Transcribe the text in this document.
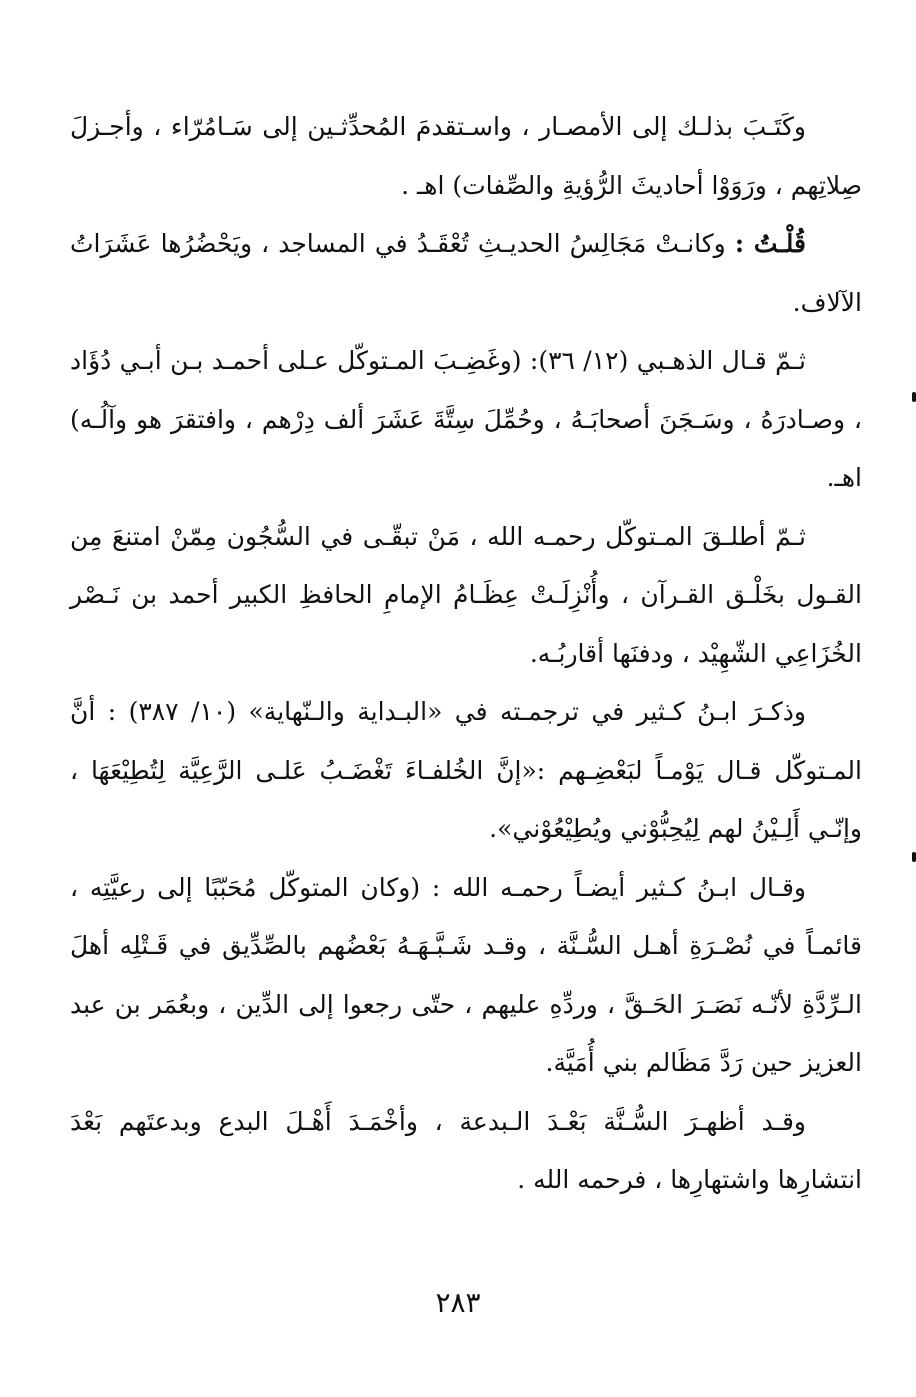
وكَتَـبَ بذلـك إلى الأمصـار ، واسـتقدمَ المُحدِّثـين إلى سَـامُرّاء ، وأجـزلَ صِلاتِهم ، ورَوَوْا أحاديثَ الرُّؤيةِ والصِّفات) اهـ .

قُلْـتُ : وكانـتْ مَجَالِسُ الحديـثِ تُعْقَـدُ في المساجد ، ويَحْضُرُها عَشَرَاتُ الآلاف.

ثـمّ قـال الذهـبي (١٢/ ٣٦): (وغَضِـبَ المـتوكّل عـلى أحمـد بـن أبـي دُؤَاد ، وصـادرَهُ ، وسَـجَنَ أصحابَـهُ ، وحُمِّلَ سِتَّةَ عَشَرَ ألف دِرْهم ، وافتقرَ هو وآلُـه) اهـ.

ثـمّ أطلـقَ المـتوكّل رحمـه الله ، مَنْ تبقّـى في السُّجُون مِمّنْ امتنعَ مِن القـول بخَلْـق القـرآن ، وأُنْزِلَـتْ عِظَـامُ الإمامِ الحافظِ الكبير أحمد بن نَـصْر الخُزَاعِي الشّهِيْد ، ودفنَها أقاربُـه.

وذكـرَ ابـنُ كـثير في ترجمـته في «البـداية والـنّهاية» (١٠/ ٣٨٧) : أنَّ المـتوكّل قـال يَوْمـاً لبَعْضِـهم :«إنَّ الخُلفـاءَ تَغْضَـبُ عَلـى الرَّعِيَّة لِتُطِيْعَهَا ، وإنّـي أَلِـيْنُ لهم لِيُحِبُّوْني ويُطِيْعُوْني».

وقـال ابـنُ كـثير أيضـاً رحمـه الله : (وكان المتوكّل مُحَبّبًا إلى رعيَّتِه ، قائمـاً في نُصْـرَةِ أهـل السُّـنَّة ، وقـد شَـبَّـهَـهُ بَعْضُهم بالصِّدِّيق في قَـتْلِه أهلَ الـرِّدَّةِ لأنّـه نَصَـرَ الحَـقَّ ، وردِّهِ عليهم ، حتّى رجعوا إلى الدِّين ، وبعُمَر بن عبد العزيز حين رَدَّ مَظَالم بني أُمَيَّة.

وقـد أظهـرَ السُّـنَّة بَعْـدَ الـبدعة ، وأخْمَـدَ أَهْـلَ البدع وبدعتَهم بَعْدَ انتشارِها واشتهارِها ، فرحمه الله .

٢٨٣
